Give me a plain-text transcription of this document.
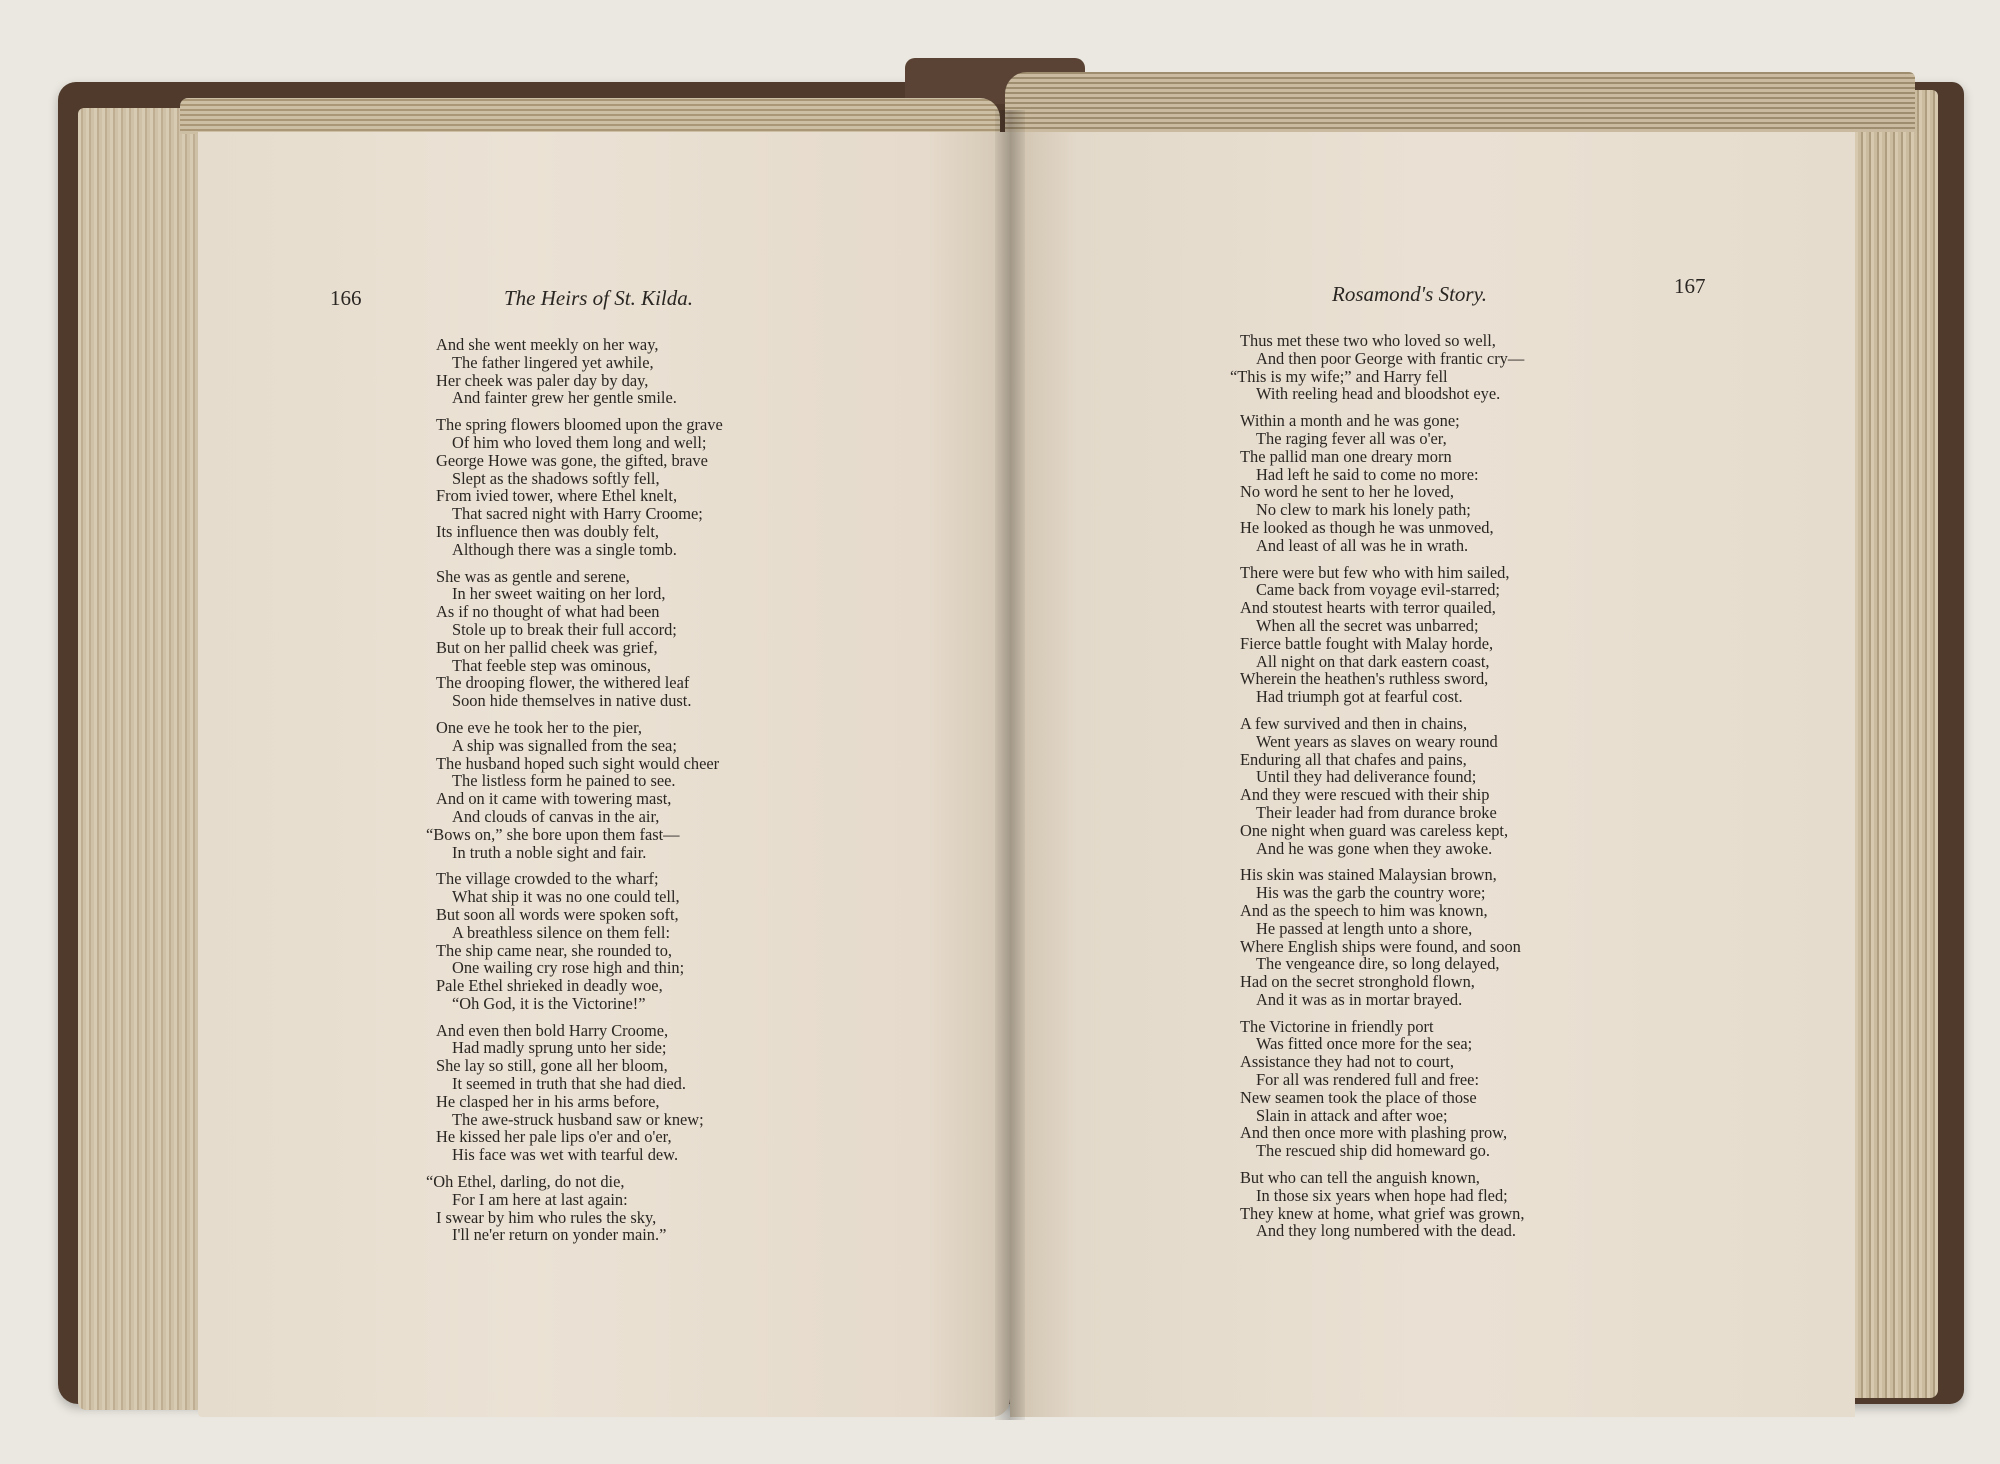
166	The Heirs of St. Kilda.
And she went meekly on her way,
The father lingered yet awhile,
Her cheek was paler day by day,
And fainter grew her gentle smile.
The spring flowers bloomed upon the grave
Of him who loved them long and well;
George Howe was gone, the gifted, brave
Slept as the shadows softly fell,
From ivied tower, where Ethel knelt,
That sacred night with Harry Croome;
Its influence then was doubly felt,
Although there was a single tomb.
She was as gentle and serene,
In her sweet waiting on her lord,
As if no thought of what had been
Stole up to break their full accord;
But on her pallid cheek was grief,
That feeble step was ominous,
The drooping flower, the withered leaf
Soon hide themselves in native dust.
One eve he took her to the pier,
A ship was signalled from the sea;
The husband hoped such sight would cheer
The listless form he pained to see.
And on it came with towering mast,
And clouds of canvas in the air,
“Bows on,” she bore upon them fast—
In truth a noble sight and fair.
The village crowded to the wharf;
What ship it was no one could tell,
But soon all words were spoken soft,
A breathless silence on them fell:
The ship came near, she rounded to,
One wailing cry rose high and thin;
Pale Ethel shrieked in deadly woe,
“Oh God, it is the Victorine!”
And even then bold Harry Croome,
Had madly sprung unto her side;
She lay so still, gone all her bloom,
It seemed in truth that she had died.
He clasped her in his arms before,
The awe-struck husband saw or knew;
He kissed her pale lips o'er and o'er,
His face was wet with tearful dew.
“Oh Ethel, darling, do not die,
For I am here at last again:
I swear by him who rules the sky,
I'll ne'er return on yonder main.”
Rosamond's Story.	167
Thus met these two who loved so well,
And then poor George with frantic cry—
“This is my wife;” and Harry fell
With reeling head and bloodshot eye.
Within a month and he was gone;
The raging fever all was o'er,
The pallid man one dreary morn
Had left he said to come no more:
No word he sent to her he loved,
No clew to mark his lonely path;
He looked as though he was unmoved,
And least of all was he in wrath.
There were but few who with him sailed,
Came back from voyage evil-starred;
And stoutest hearts with terror quailed,
When all the secret was unbarred;
Fierce battle fought with Malay horde,
All night on that dark eastern coast,
Wherein the heathen's ruthless sword,
Had triumph got at fearful cost.
A few survived and then in chains,
Went years as slaves on weary round
Enduring all that chafes and pains,
Until they had deliverance found;
And they were rescued with their ship
Their leader had from durance broke
One night when guard was careless kept,
And he was gone when they awoke.
His skin was stained Malaysian brown,
His was the garb the country wore;
And as the speech to him was known,
He passed at length unto a shore,
Where English ships were found, and soon
The vengeance dire, so long delayed,
Had on the secret stronghold flown,
And it was as in mortar brayed.
The Victorine in friendly port
Was fitted once more for the sea;
Assistance they had not to court,
For all was rendered full and free:
New seamen took the place of those
Slain in attack and after woe;
And then once more with plashing prow,
The rescued ship did homeward go.
But who can tell the anguish known,
In those six years when hope had fled;
They knew at home, what grief was grown,
And they long numbered with the dead.
